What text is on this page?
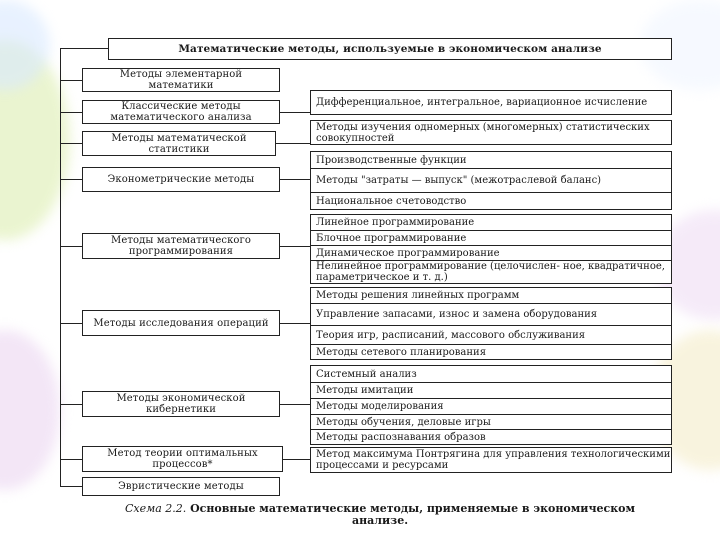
Математические методы, используемые в экономическом анализе
Методы элементарной математики
Классические методы математического анализа
Методы математической статистики
Эконометрические методы
Методы математического программирования
Методы исследования операций
Методы экономической кибернетики
Метод теории оптимальных процессов*
Эвристические методы
Дифференциальное, интегральное, вариационное исчисление
Методы изучения одномерных (многомерных) статистических совокупностей
Производственные функции
Методы "затраты — выпуск" (межотраслевой баланс)
Национальное счетоводство
Линейное программирование
Блочное программирование
Динамическое программирование
Нелинейное программирование (целочислен- ное, квадратичное, параметрическое и т. д.)
Методы решения линейных программ
Управление запасами, износ и замена оборудования
Теория игр, расписаний, массового обслуживания
Методы сетевого планирования
Системный анализ
Методы имитации
Методы моделирования
Методы обучения, деловые игры
Методы распознавания образов
Метод максимума Понтрягина для управления технологическими процессами и ресурсами
Схема 2.2. Основные математические методы, применяемые в экономическом анализе.
